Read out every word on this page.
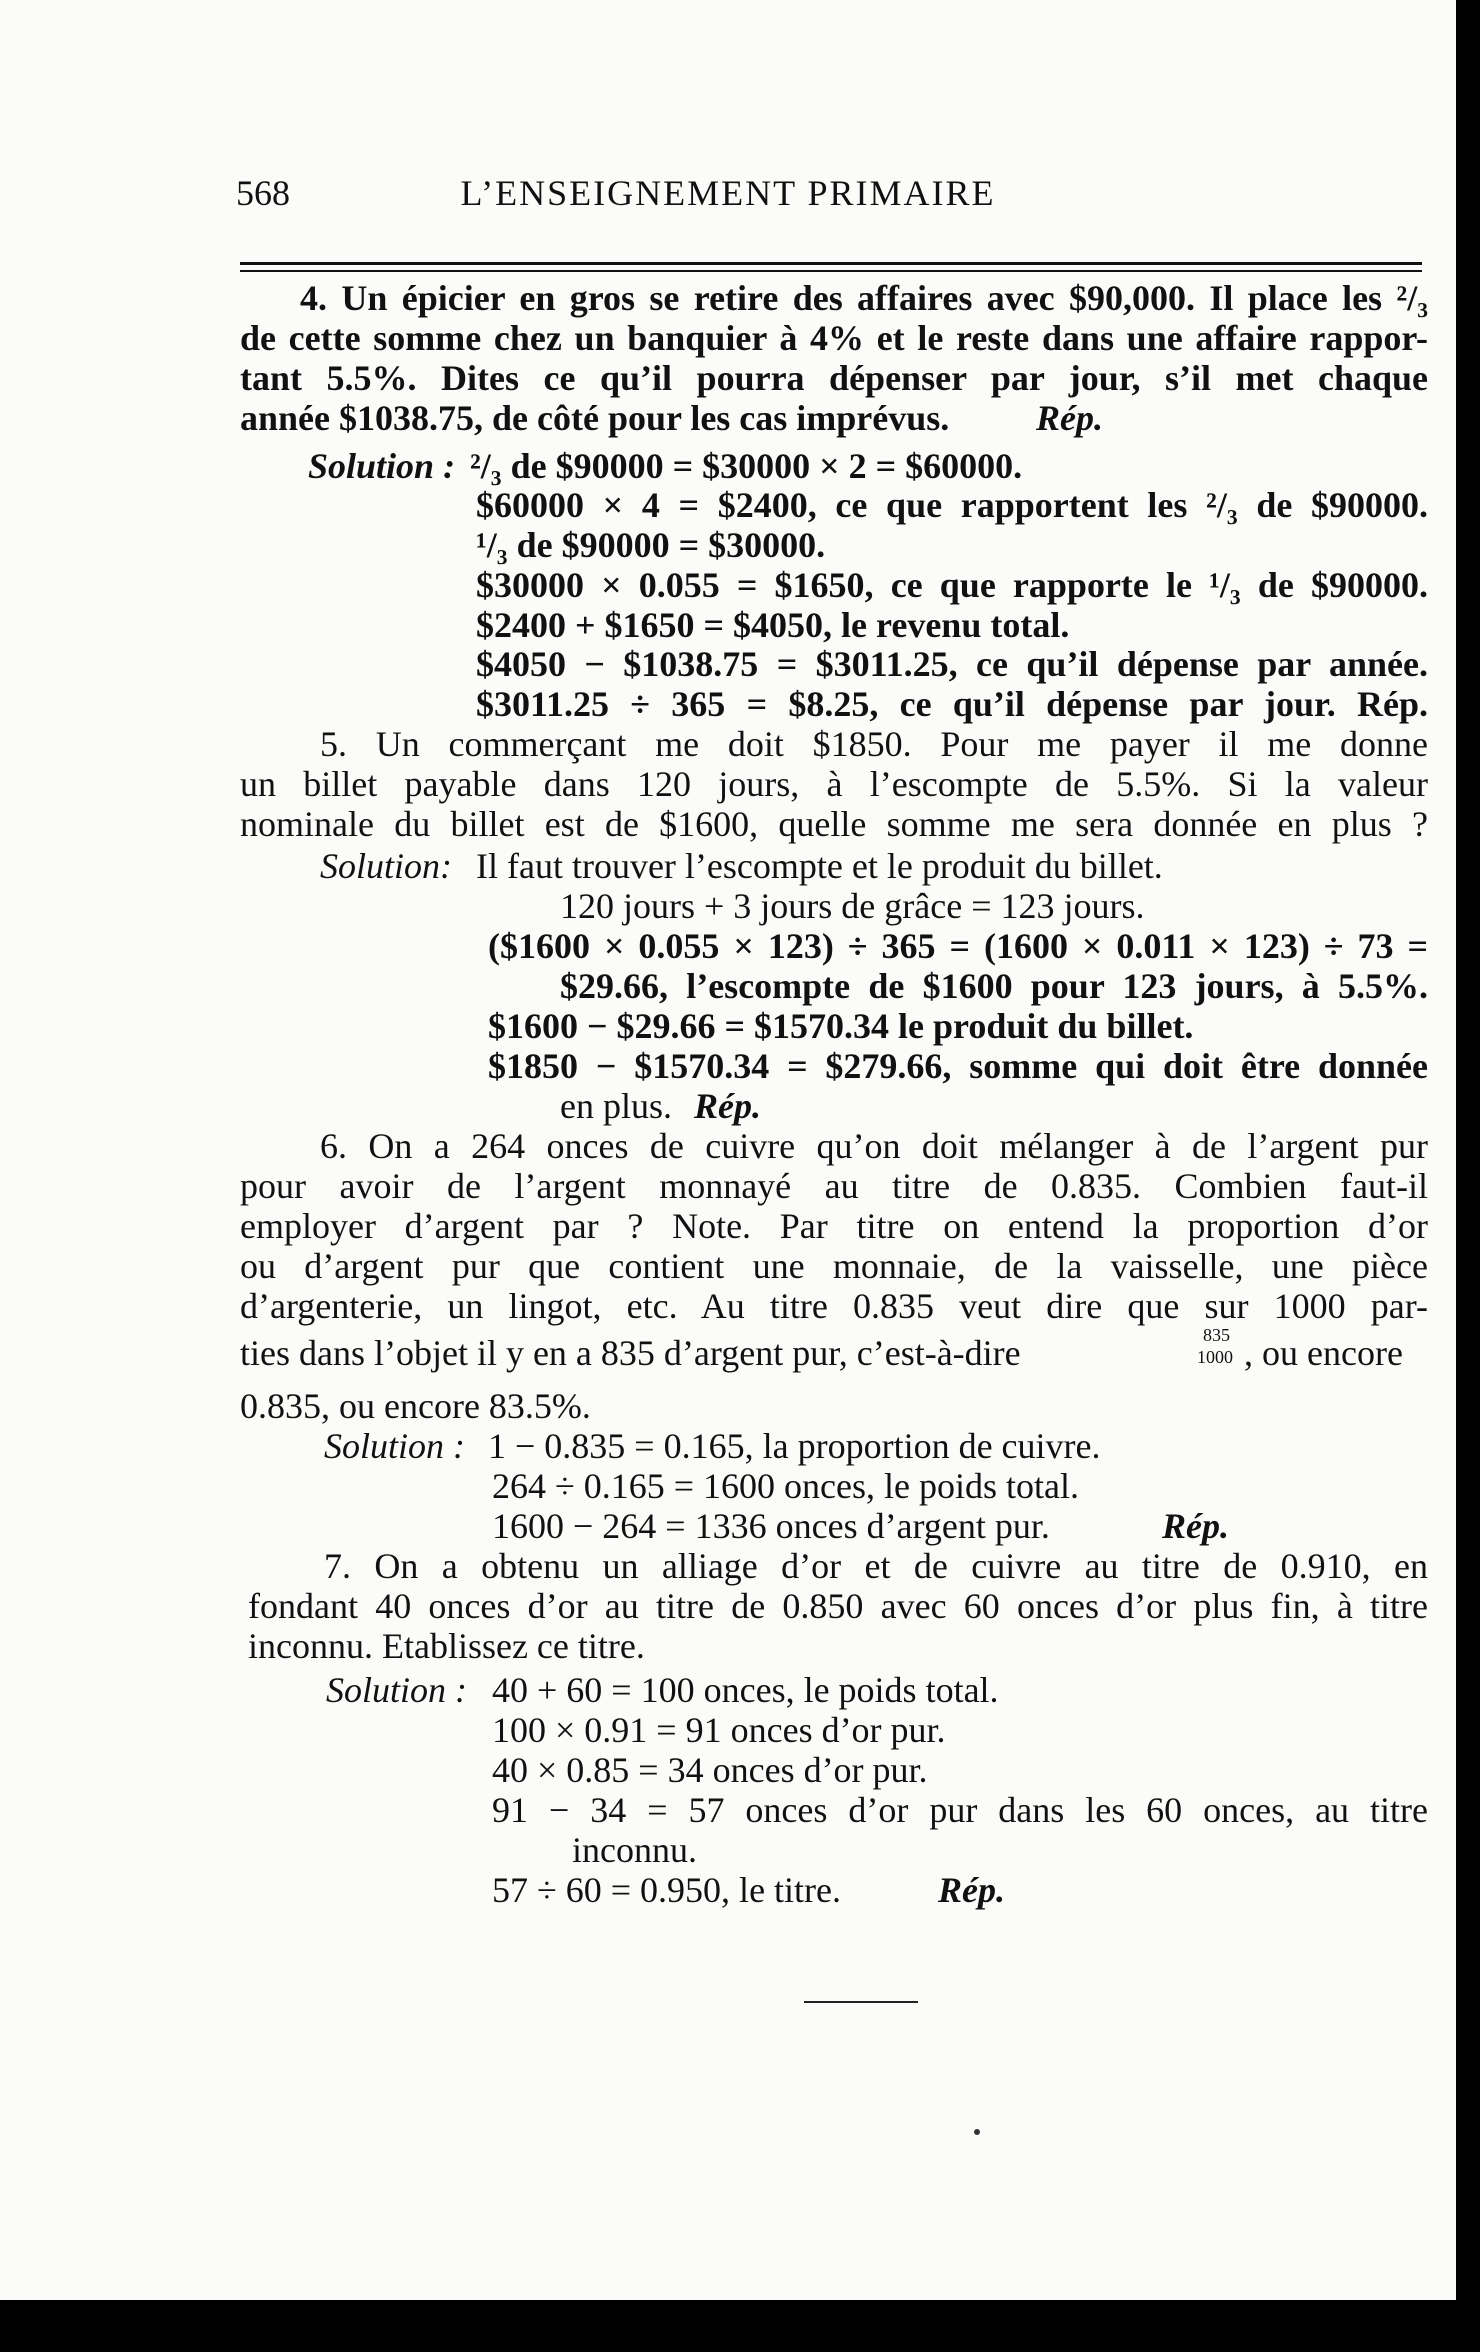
568	L’ENSEIGNEMENT PRIMAIRE
4. Un épicier en gros se retire des affaires avec $90,000. Il place les ²/₃
de cette somme chez un banquier à 4% et le reste dans une affaire rappor-
tant 5.5%. Dites ce qu’il pourra dépenser par jour, s’il met chaque
année $1038.75, de côté pour les cas imprévus. Rép.
Solution : ²/₃ de $90000 = $30000 × 2 = $60000.
$60000 × 4 = $2400, ce que rapportent les ²/₃ de $90000.
¹/₃ de $90000 = $30000.
$30000 × 0.055 = $1650, ce que rapporte le ¹/₃ de $90000.
$2400 + $1650 = $4050, le revenu total.
$4050 − $1038.75 = $3011.25, ce qu’il dépense par année.
$3011.25 ÷ 365 = $8.25, ce qu’il dépense par jour. Rép.
5. Un commerçant me doit $1850. Pour me payer il me donne
un billet payable dans 120 jours, à l’escompte de 5.5%. Si la valeur
nominale du billet est de $1600, quelle somme me sera donnée en plus ?
Solution: Il faut trouver l’escompte et le produit du billet.
120 jours + 3 jours de grâce = 123 jours.
($1600 × 0.055 × 123) ÷ 365 = (1600 × 0.011 × 123) ÷ 73 =
$29.66, l’escompte de $1600 pour 123 jours, à 5.5%.
$1600 − $29.66 = $1570.34 le produit du billet.
$1850 − $1570.34 = $279.66, somme qui doit être donnée
en plus. Rép.
6. On a 264 onces de cuivre qu’on doit mélanger à de l’argent pur
pour avoir de l’argent monnayé au titre de 0.835. Combien faut-il
employer d’argent par ? Note. Par titre on entend la proportion d’or
ou d’argent pur que contient une monnaie, de la vaisselle, une pièce
d’argenterie, un lingot, etc. Au titre 0.835 veut dire que sur 1000 par-
ties dans l’objet il y en a 835 d’argent pur, c’est-à-dire	835
1000 , ou encore
0.835, ou encore 83.5%.
Solution : 1 − 0.835 = 0.165, la proportion de cuivre.
264 ÷ 0.165 = 1600 onces, le poids total.
1600 − 264 = 1336 onces d’argent pur.	Rép.
7. On a obtenu un alliage d’or et de cuivre au titre de 0.910, en
fondant 40 onces d’or au titre de 0.850 avec 60 onces d’or plus fin, à titre
inconnu. Etablissez ce titre.
Solution : 40 + 60 = 100 onces, le poids total.
100 × 0.91 = 91 onces d’or pur.
40 × 0.85 = 34 onces d’or pur.
91 − 34 = 57 onces d’or pur dans les 60 onces, au titre
inconnu.
57 ÷ 60 = 0.950, le titre.	Rép.
